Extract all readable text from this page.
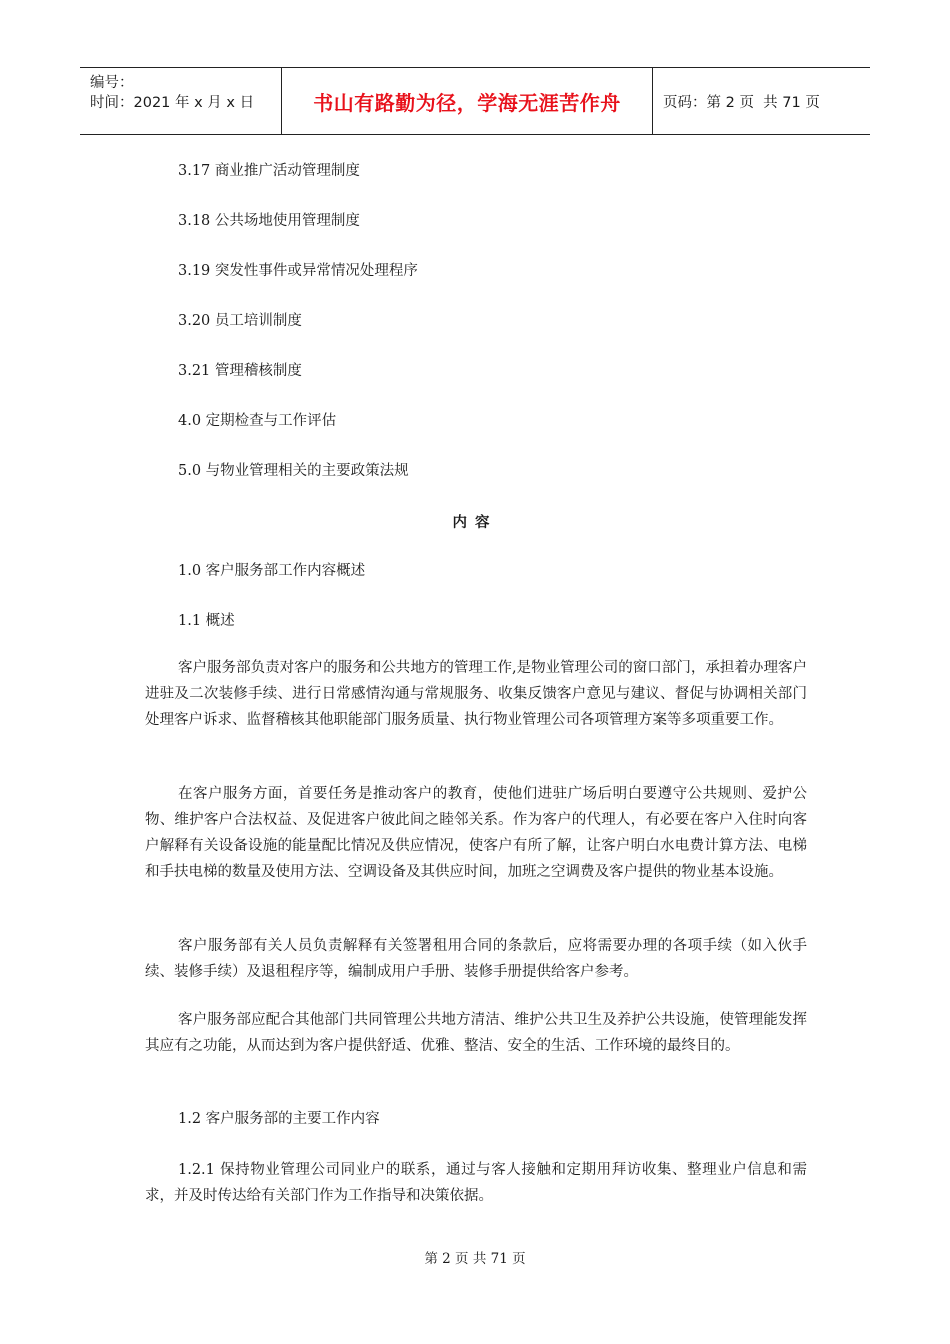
编号：
时间：2021 年 x 月 x 日	书山有路勤为径，学海无涯苦作舟	页码：第 2 页  共 71 页
3.17 商业推广活动管理制度
3.18 公共场地使用管理制度
3.19 突发性事件或异常情况处理程序
3.20 员工培训制度
3.21 管理稽核制度
4.0 定期检查与工作评估
5.0 与物业管理相关的主要政策法规
内容
1.0 客户服务部工作内容概述
1.1 概述
客户服务部负责对客户的服务和公共地方的管理工作,是物业管理公司的窗口部门，承担着办理客户进驻及二次装修手续、进行日常感情沟通与常规服务、收集反馈客户意见与建议、督促与协调相关部门处理客户诉求、监督稽核其他职能部门服务质量、执行物业管理公司各项管理方案等多项重要工作。
在客户服务方面，首要任务是推动客户的教育，使他们进驻广场后明白要遵守公共规则、爱护公物、维护客户合法权益、及促进客户彼此间之睦邻关系。作为客户的代理人，有必要在客户入住时向客户解释有关设备设施的能量配比情况及供应情况，使客户有所了解，让客户明白水电费计算方法、电梯和手扶电梯的数量及使用方法、空调设备及其供应时间，加班之空调费及客户提供的物业基本设施。
客户服务部有关人员负责解释有关签署租用合同的条款后，应将需要办理的各项手续（如入伙手续、装修手续）及退租程序等，编制成用户手册、装修手册提供给客户参考。
客户服务部应配合其他部门共同管理公共地方清洁、维护公共卫生及养护公共设施，使管理能发挥其应有之功能，从而达到为客户提供舒适、优雅、整洁、安全的生活、工作环境的最终目的。
1.2 客户服务部的主要工作内容
1.2.1 保持物业管理公司同业户的联系，通过与客人接触和定期用拜访收集、整理业户信息和需求，并及时传达给有关部门作为工作指导和决策依据。
第 2 页 共 71 页
